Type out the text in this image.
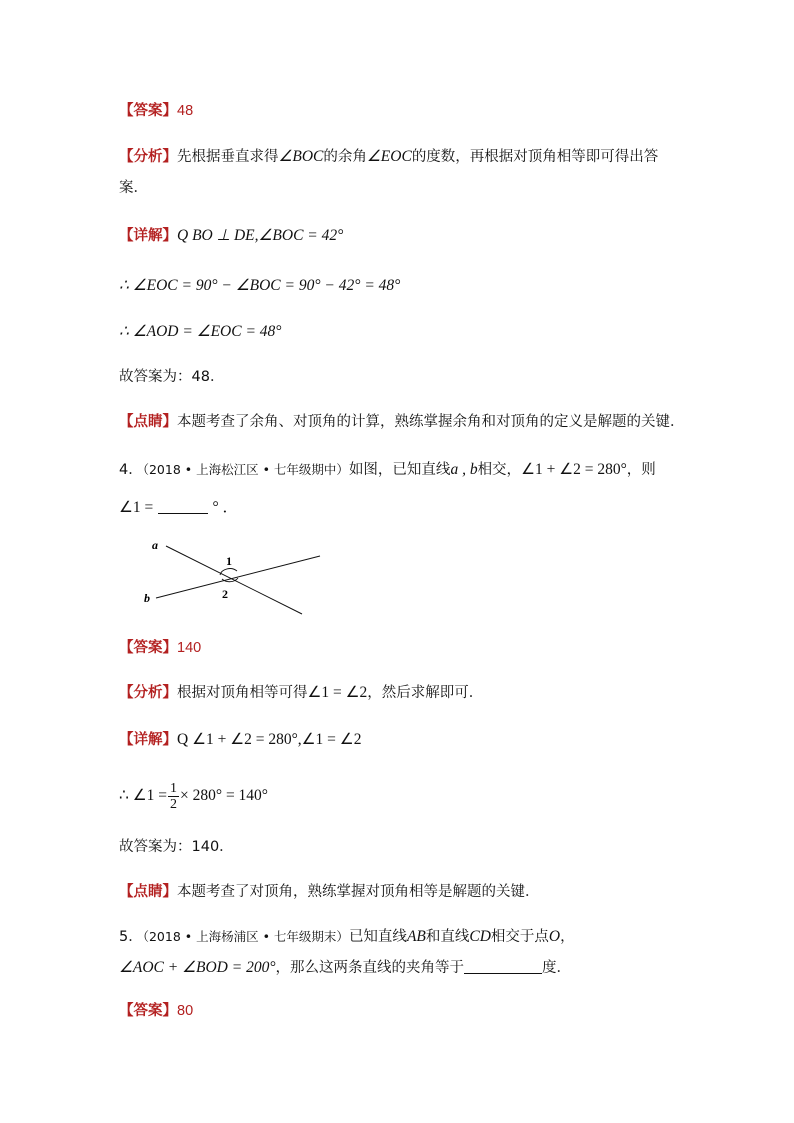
【答案】48
【分析】先根据垂直求得∠BOC的余角∠EOC的度数，再根据对顶角相等即可得出答
案．
【详解】Q BO ⊥ DE,∠BOC = 42°
∴ ∠EOC = 90° − ∠BOC = 90° − 42° = 48°
∴ ∠AOD = ∠EOC = 48°
故答案为：48．
【点睛】本题考查了余角、对顶角的计算，熟练掌握余角和对顶角的定义是解题的关键．
4．（2018 • 上海松江区 • 七年级期中）如图，已知直线a , b相交，∠1 + ∠2 = 280°，则
∠1 =	° ．
a
b
1
2
【答案】140
【分析】根据对顶角相等可得∠1 = ∠2，然后求解即可．
【详解】Q ∠1 + ∠2 = 280°,∠1 = ∠2
∴ ∠1 = $\frac{1}{2} \times 280^\circ = 140^\circ$
故答案为：140．
【点睛】本题考查了对顶角，熟练掌握对顶角相等是解题的关键．
5．（2018 • 上海杨浦区 • 七年级期末）已知直线AB和直线CD相交于点O，
∠AOC + ∠BOD = 200°，那么这两条直线的夹角等于	度．
【答案】80
